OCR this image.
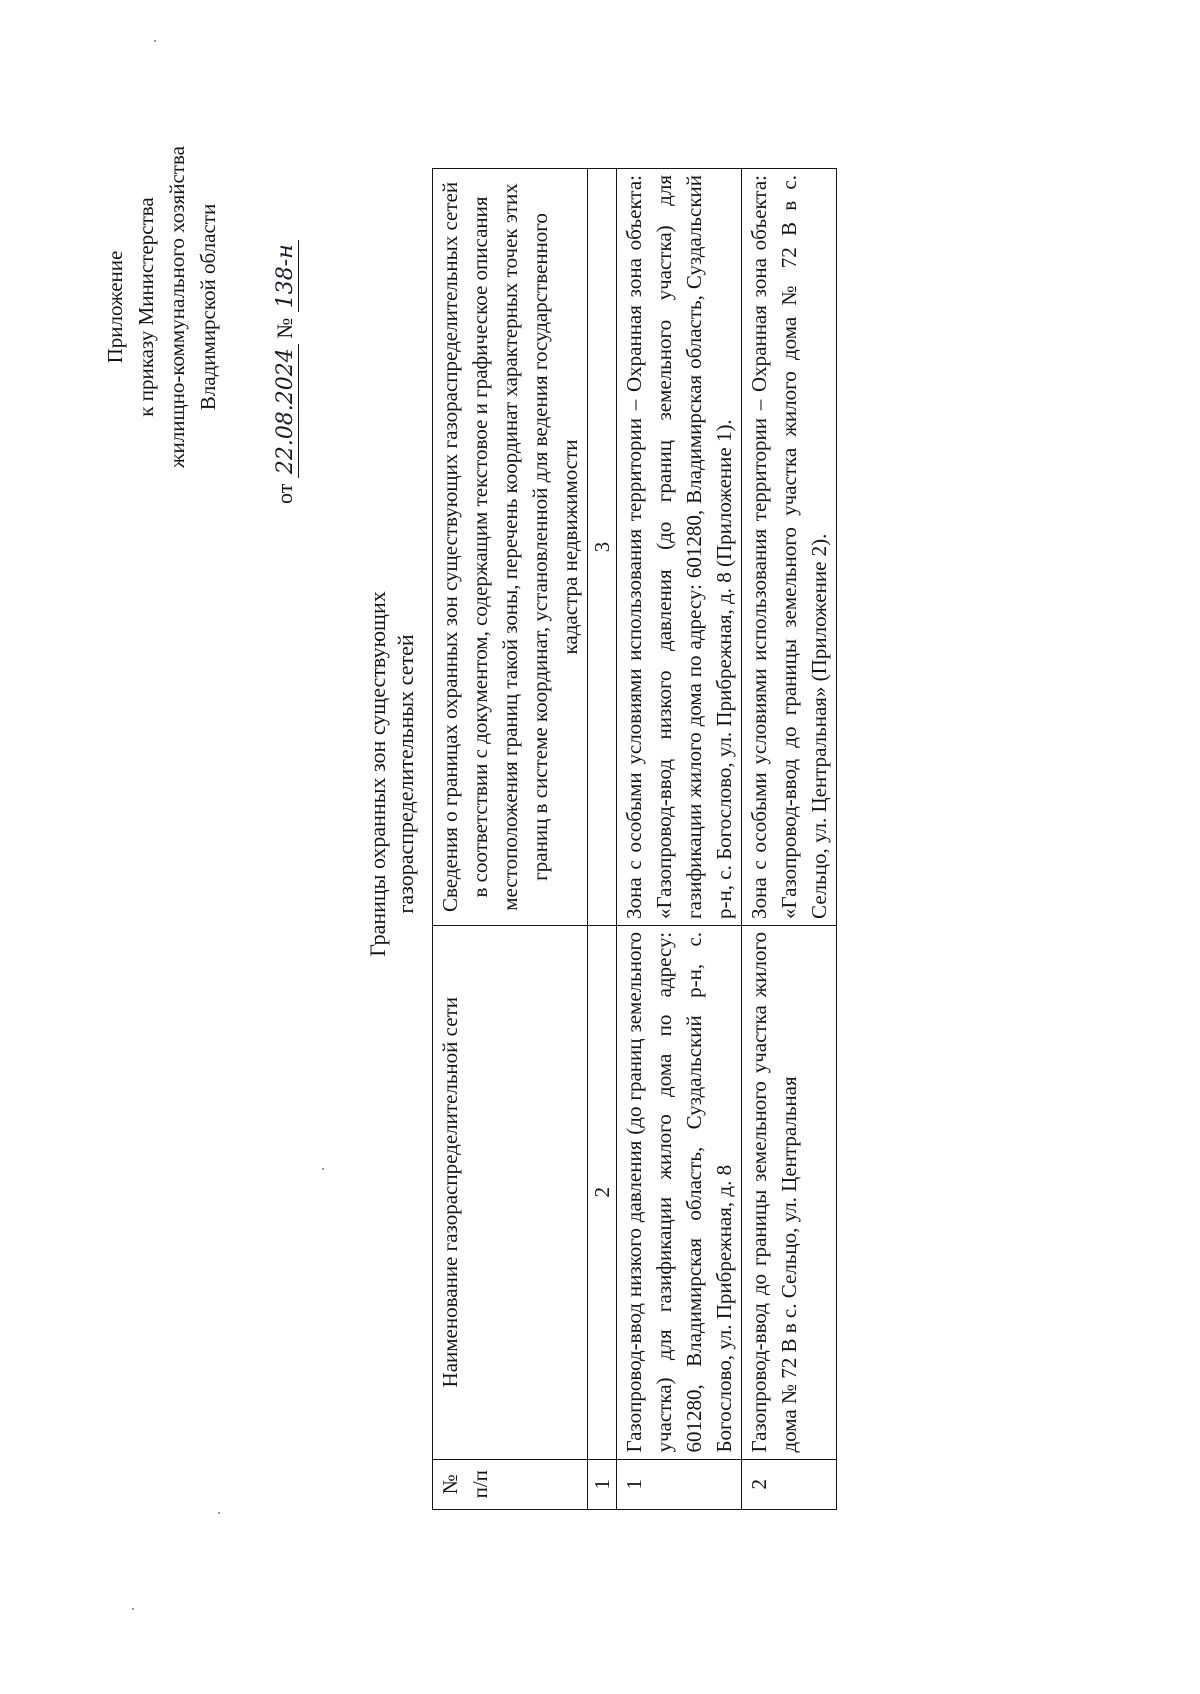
Приложение к приказу Министерства жилищно-коммунального хозяйства Владимирской области
от 22.08.2024 № 138-н
Границы охранных зон существующих газораспределительных сетей
№ п/п	Наименование газораспределительной сети	Сведения о границах охранных зон существующих газораспределительных сетей в соответствии с документом, содержащим текстовое и графическое описания местоположения границ такой зоны, перечень координат характерных точек этих границ в системе координат, установленной для ведения государственного кадастра недвижимости
1	2	3
1	Газопровод-ввод низкого давления (до границ земельного участка) для газификации жилого дома по адресу: 601280, Владимирская область, Суздальский р-н, с. Богослово, ул. Прибрежная, д. 8	Зона с особыми условиями использования территории – Охранная зона объекта: «Газопровод-ввод низкого давления (до границ земельного участка) для газификации жилого дома по адресу: 601280, Владимирская область, Суздальский р-н, с. Богослово, ул. Прибрежная, д. 8 (Приложение 1).
2	Газопровод-ввод до границы земельного участка жилого дома № 72 В в с. Сельцо, ул. Центральная	Зона с особыми условиями использования территории – Охранная зона объекта: «Газопровод-ввод до границы земельного участка жилого дома № 72 В в с. Сельцо, ул. Центральная» (Приложение 2).
